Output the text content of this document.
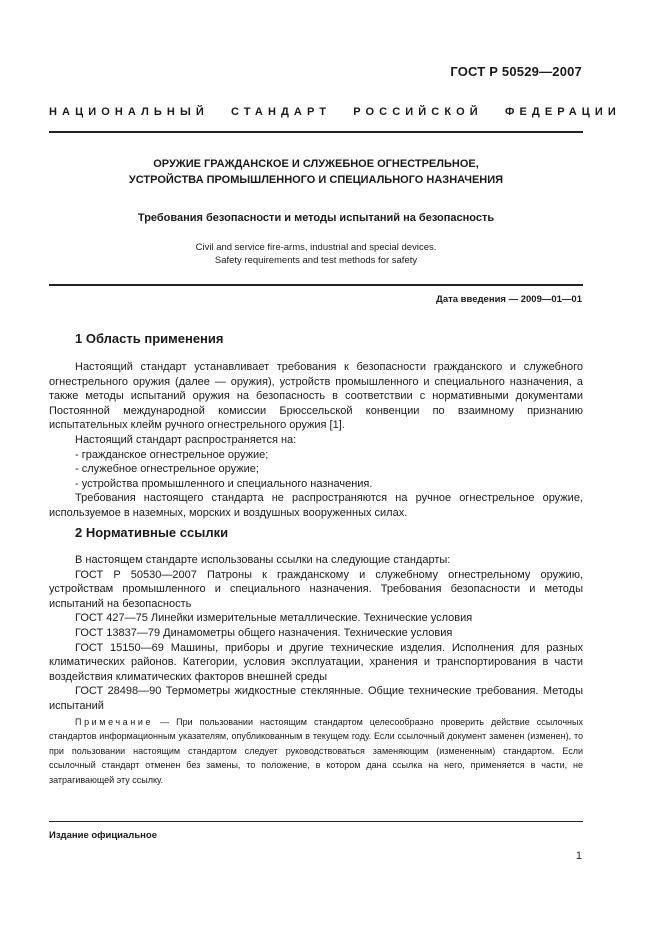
ГОСТ Р 50529—2007
НАЦИОНАЛЬНЫЙ СТАНДАРТ РОССИЙСКОЙ ФЕДЕРАЦИИ
ОРУЖИЕ ГРАЖДАНСКОЕ И СЛУЖЕБНОЕ ОГНЕСТРЕЛЬНОЕ,
УСТРОЙСТВА ПРОМЫШЛЕННОГО И СПЕЦИАЛЬНОГО НАЗНАЧЕНИЯ
Требования безопасности и методы испытаний на безопасность
Civil and service fire-arms, industrial and special devices.
Safety requirements and test methods for safety
Дата введения — 2009—01—01
1 Область применения

Настоящий стандарт устанавливает требования к безопасности гражданского и служебного огнестрельного оружия (далее — оружия), устройств промышленного и специального назначения, а также методы испытаний оружия на безопасность в соответствии с нормативными документами Постоянной международной комиссии Брюссельской конвенции по взаимному признанию испытательных клейм ручного огнестрельного оружия [1].

Настоящий стандарт распространяется на:

- гражданское огнестрельное оружие;

- служебное огнестрельное оружие;

- устройства промышленного и специального назначения.

Требования настоящего стандарта не распространяются на ручное огнестрельное оружие, используемое в наземных, морских и воздушных вооруженных силах.

2 Нормативные ссылки

В настоящем стандарте использованы ссылки на следующие стандарты:

ГОСТ Р 50530—2007 Патроны к гражданскому и служебному огнестрельному оружию, устройствам промышленного и специального назначения. Требования безопасности и методы испытаний на безопасность

ГОСТ 427—75 Линейки измерительные металлические. Технические условия

ГОСТ 13837—79 Динамометры общего назначения. Технические условия

ГОСТ 15150—69 Машины, приборы и другие технические изделия. Исполнения для разных климатических районов. Категории, условия эксплуатации, хранения и транспортирования в части воздействия климатических факторов внешней среды

ГОСТ 28498—90 Термометры жидкостные стеклянные. Общие технические требования. Методы испытаний

Примечание — При пользовании настоящим стандартом целесообразно проверить действие ссылочных стандартов информационным указателям, опубликованным в текущем году. Если ссылочный документ заменен (изменен), то при пользовании настоящим стандартом следует руководствоваться заменяющим (измененным) стандартом. Если ссылочный стандарт отменен без замены, то положение, в котором дана ссылка на него, применяется в части, не затрагивающей эту ссылку.
Издание официальное
1
